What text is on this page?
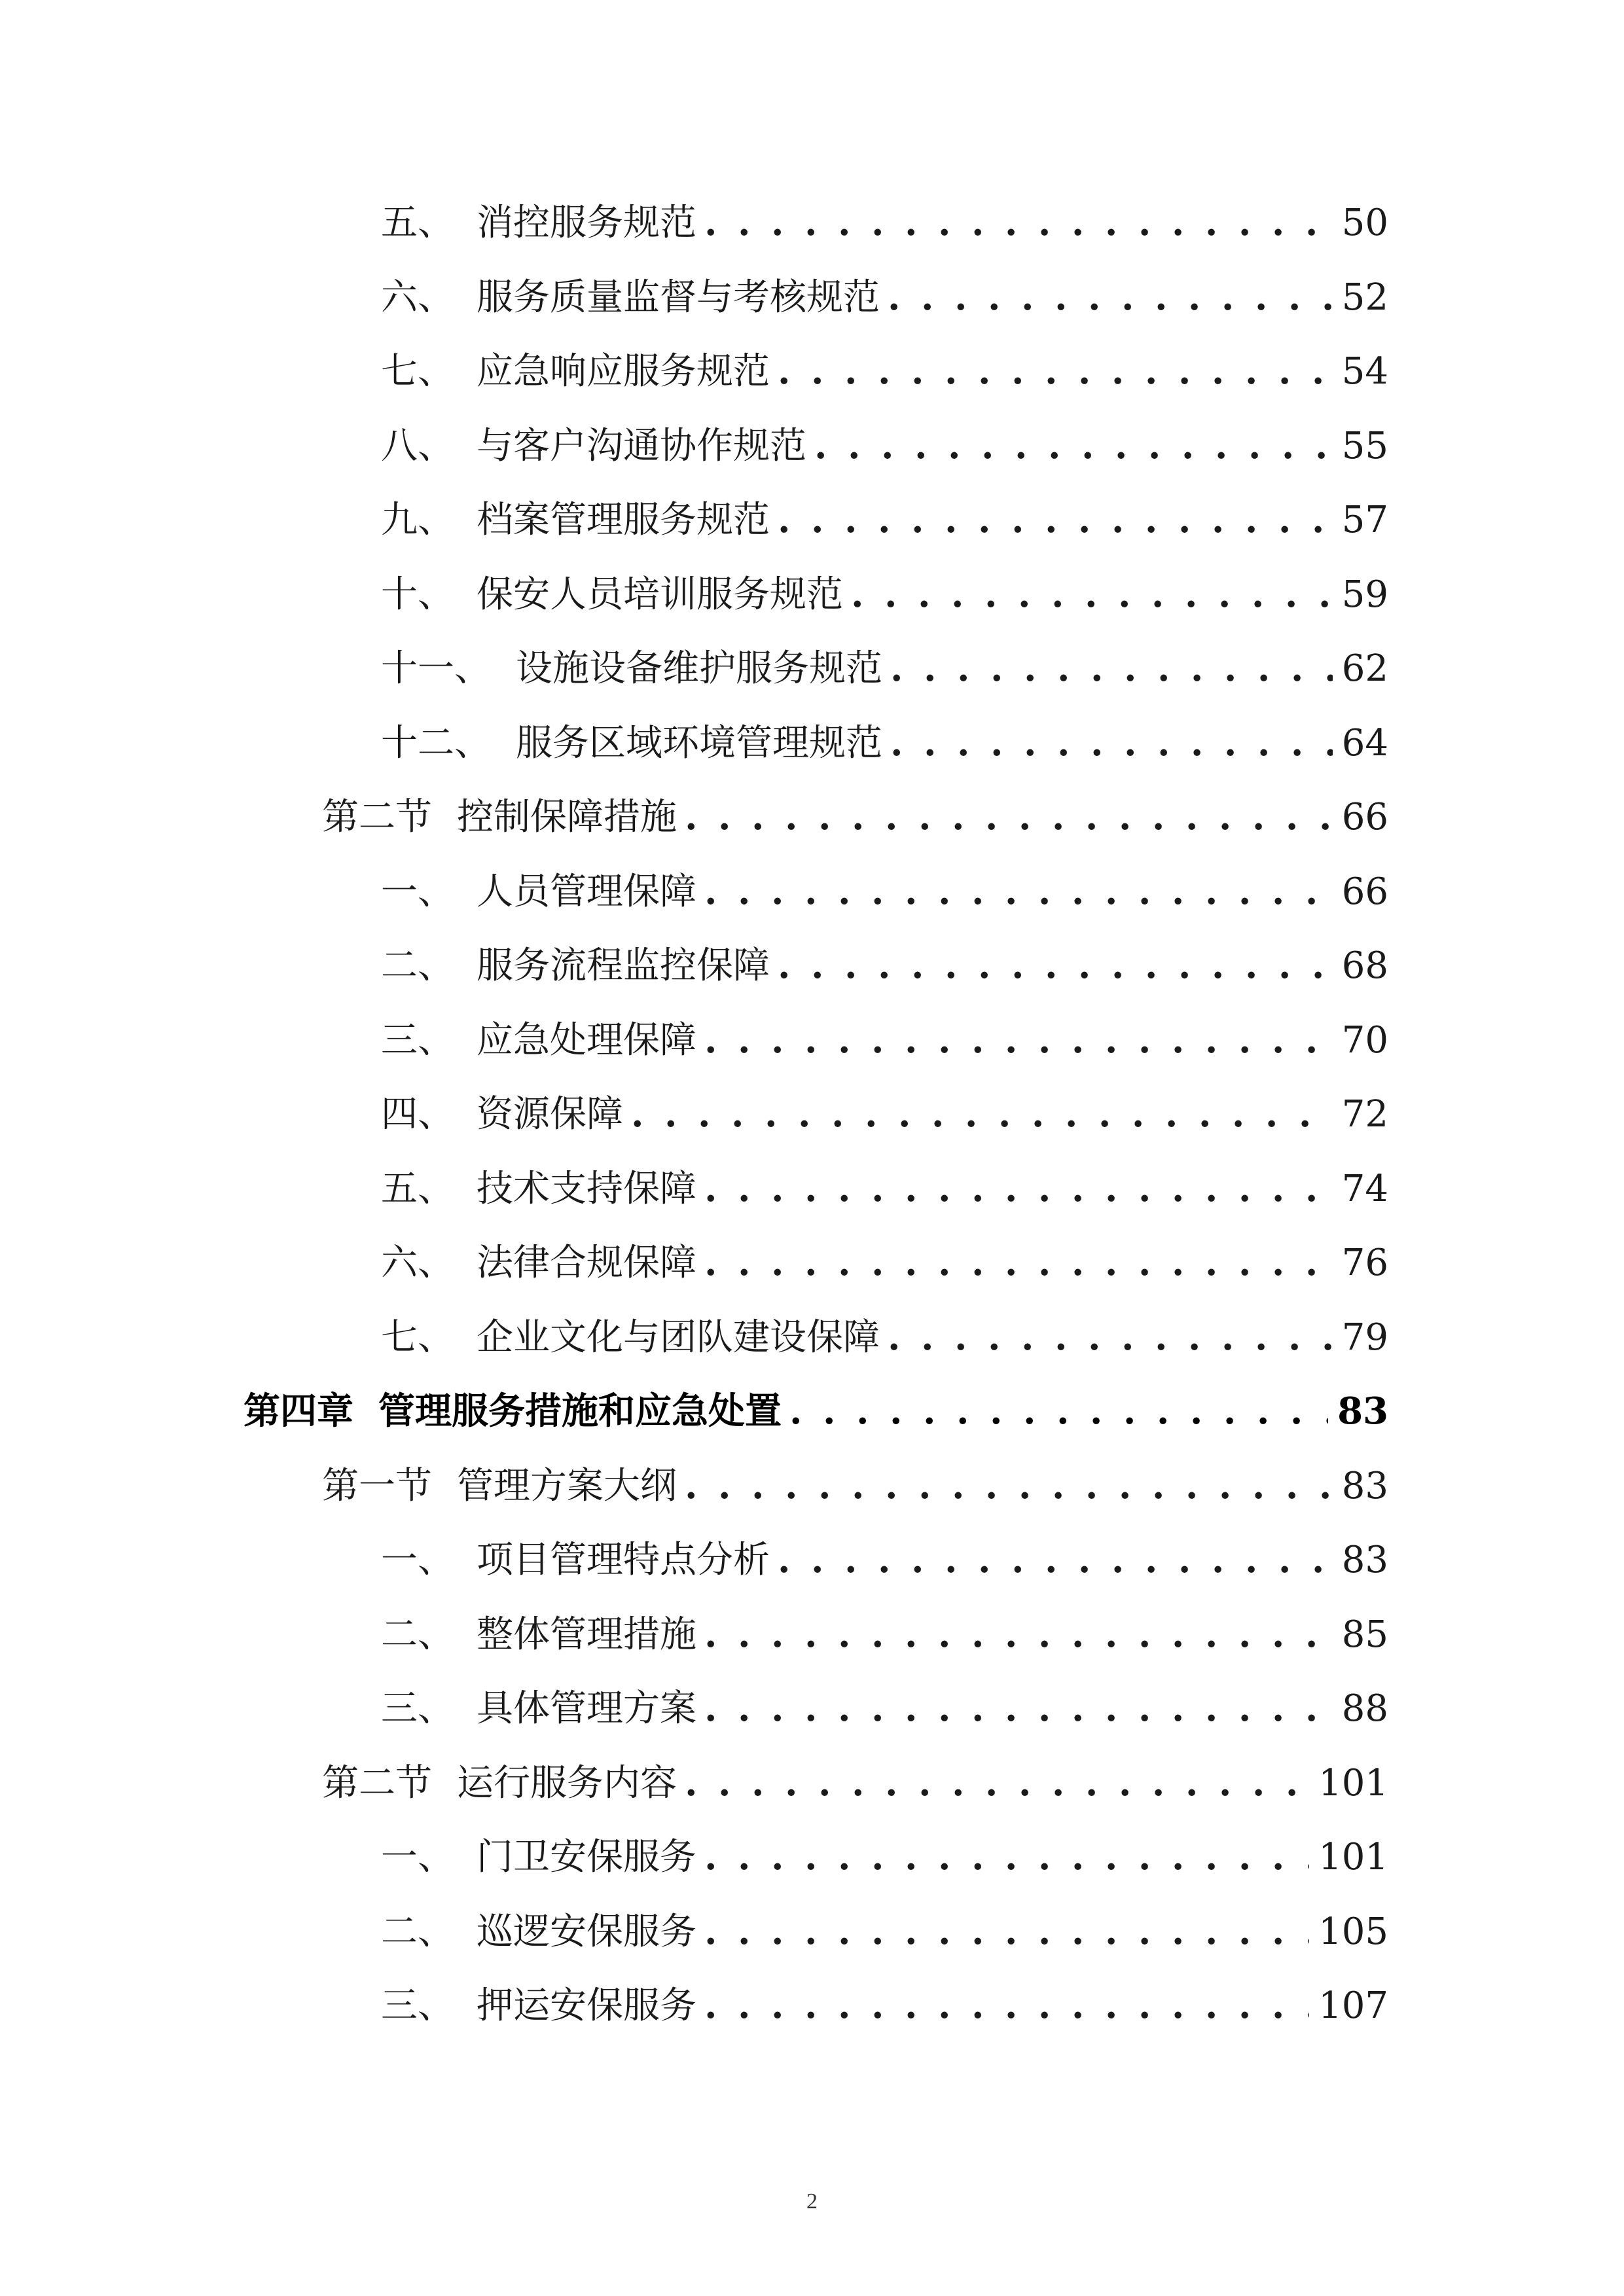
五、 消控服务规范 . . .	50
六、 服务质量监督与考核规范 . . .	52
七、 应急响应服务规范 . . .	54
八、 与客户沟通协作规范 . . .	55
九、 档案管理服务规范 . . .	57
十、 保安人员培训服务规范 . . .	59
十一、 设施设备维护服务规范 . . .	62
十二、 服务区域环境管理规范 . . .	64
第二节 控制保障措施 . . .	66
一、 人员管理保障 . . .	66
二、 服务流程监控保障 . . .	68
三、 应急处理保障 . . .	70
四、 资源保障 . . .	72
五、 技术支持保障 . . .	74
六、 法律合规保障 . . .	76
七、 企业文化与团队建设保障 . . .	79
第四章 管理服务措施和应急处置 . . .	83
第一节 管理方案大纲 . . .	83
一、 项目管理特点分析 . . .	83
二、 整体管理措施 . . .	85
三、 具体管理方案 . . .	88
第二节 运行服务内容 . . .	101
一、 门卫安保服务 . . .	101
二、 巡逻安保服务 . . .	105
三、 押运安保服务 . . .	107
2
